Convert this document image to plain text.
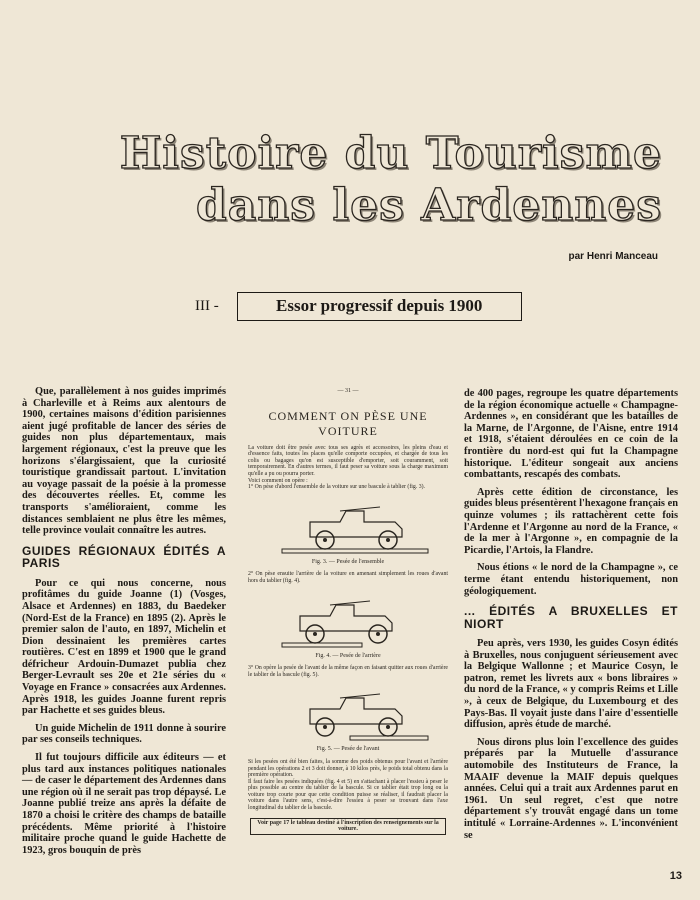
Histoire du Tourisme
dans les Ardennes
par Henri Manceau
III -	Essor progressif depuis 1900

Que, parallèlement à nos guides imprimés à Charleville et à Reims aux alentours de 1900, certaines maisons d'édition parisiennes aient jugé profitable de lancer des séries de guides non plus départementaux, mais largement régionaux, c'est la preuve que les horizons s'élargissaient, que la curiosité touristique grandissait partout. L'invitation au voyage passait de la poésie à la promesse des découvertes réelles. Et, comme les transports s'amélioraient, comme les distances semblaient ne plus être les mêmes, telle province voulait connaître les autres.

GUIDES RÉGIONAUX ÉDITÉS A PARIS

Pour ce qui nous concerne, nous profitâmes du guide Joanne (1) (Vosges, Alsace et Ardennes) en 1883, du Baedeker (Nord-Est de la France) en 1895 (2). Après le premier salon de l'auto, en 1897, Michelin et Dion dessinaient les premières cartes routières. C'est en 1899 et 1900 que le grand défricheur Ardouin-Dumazet publia chez Berger-Levrault ses 20e et 21e séries du « Voyage en France » consacrées aux Ardennes. Après 1918, les guides Joanne furent repris par Hachette et ses guides bleus.

Un guide Michelin de 1911 donne à sourire par ses conseils techniques.

Il fut toujours difficile aux éditeurs — et plus tard aux instances politiques nationales — de caser le département des Ardennes dans une région où il ne serait pas trop dépaysé. Le Joanne publié treize ans après la défaite de 1870 a choisi le critère des champs de bataille précédents. Même priorité à l'histoire militaire proche quand le guide Hachette de 1923, gros bouquin de près

— 31 —
COMMENT ON PÈSE UNE VOITURE
La voiture doit être pesée avec tous ses agrès et accessoires, les pleins d'eau et d'essence faits, toutes les places qu'elle comporte occupées, et chargée de tous les colis ou bagages qu'on est susceptible d'emporter, soit couramment, soit temporairement. En d'autres termes, il faut peser sa voiture sous la charge maximum qu'elle a pu ou pourra porter.
Voici comment on opère :
1° On pèse d'abord l'ensemble de la voiture sur une bascule à tablier (fig. 3).
Fig. 3. — Pesée de l'ensemble
2° On pèse ensuite l'arrière de la voiture en amenant simplement les roues d'avant hors du tablier (fig. 4).
Fig. 4. — Pesée de l'arrière
3° On opère la pesée de l'avant de la même façon en faisant quitter aux roues d'arrière le tablier de la bascule (fig. 5).
Fig. 5. — Pesée de l'avant
Si les pesées ont été bien faites, la somme des poids obtenus pour l'avant et l'arrière pendant les opérations 2 et 3 doit donner, à 10 kilos près, le poids total obtenu dans la première opération.
Il faut faire les pesées indiquées (fig. 4 et 5) en s'attachant à placer l'essieu à peser le plus possible au centre du tablier de la bascule. Si ce tablier était trop long ou la voiture trop courte pour que cette condition puisse se réaliser, il faudrait placer la voiture dans l'autre sens, c'est-à-dire l'essieu à peser se trouvant dans l'axe longitudinal du tablier de la bascule.
Voir page 17 le tableau destiné à l'inscription des renseignements sur la voiture.

de 400 pages, regroupe les quatre départements de la région économique actuelle « Champagne-Ardennes », en considérant que les batailles de la Marne, de l'Argonne, de l'Aisne, entre 1914 et 1918, s'étaient déroulées en ce coin de la frontière du nord-est qui fut la Champagne historique. L'éditeur songeait aux anciens combattants, rescapés des combats.

Après cette édition de circonstance, les guides bleus présentèrent l'hexagone français en quinze volumes ; ils rattachèrent cette fois l'Ardenne et l'Argonne au nord de la France, « de la mer à l'Argonne », en compagnie de la Picardie, l'Artois, la Flandre.

Nous étions « le nord de la Champagne », ce terme étant entendu historiquement, non géologiquement.

... ÉDITÉS A BRUXELLES ET NIORT

Peu après, vers 1930, les guides Cosyn édités à Bruxelles, nous conjuguent sérieusement avec la Belgique Wallonne ; et Maurice Cosyn, le patron, remet les livrets aux « bons libraires » du nord de la France, « y compris Reims et Lille », à ceux de Belgique, du Luxembourg et des Pays-Bas. Il voyait juste dans l'aire d'essentielle diffusion, après étude de marché.

Nous dirons plus loin l'excellence des guides préparés par la Mutuelle d'assurance automobile des Instituteurs de France, la MAAIF devenue la MAIF depuis quelques années. Celui qui a trait aux Ardennes parut en 1961. Un seul regret, c'est que notre département s'y trouvât engagé dans un tome intitulé « Lorraine-Ardennes ». L'inconvénient se

13
